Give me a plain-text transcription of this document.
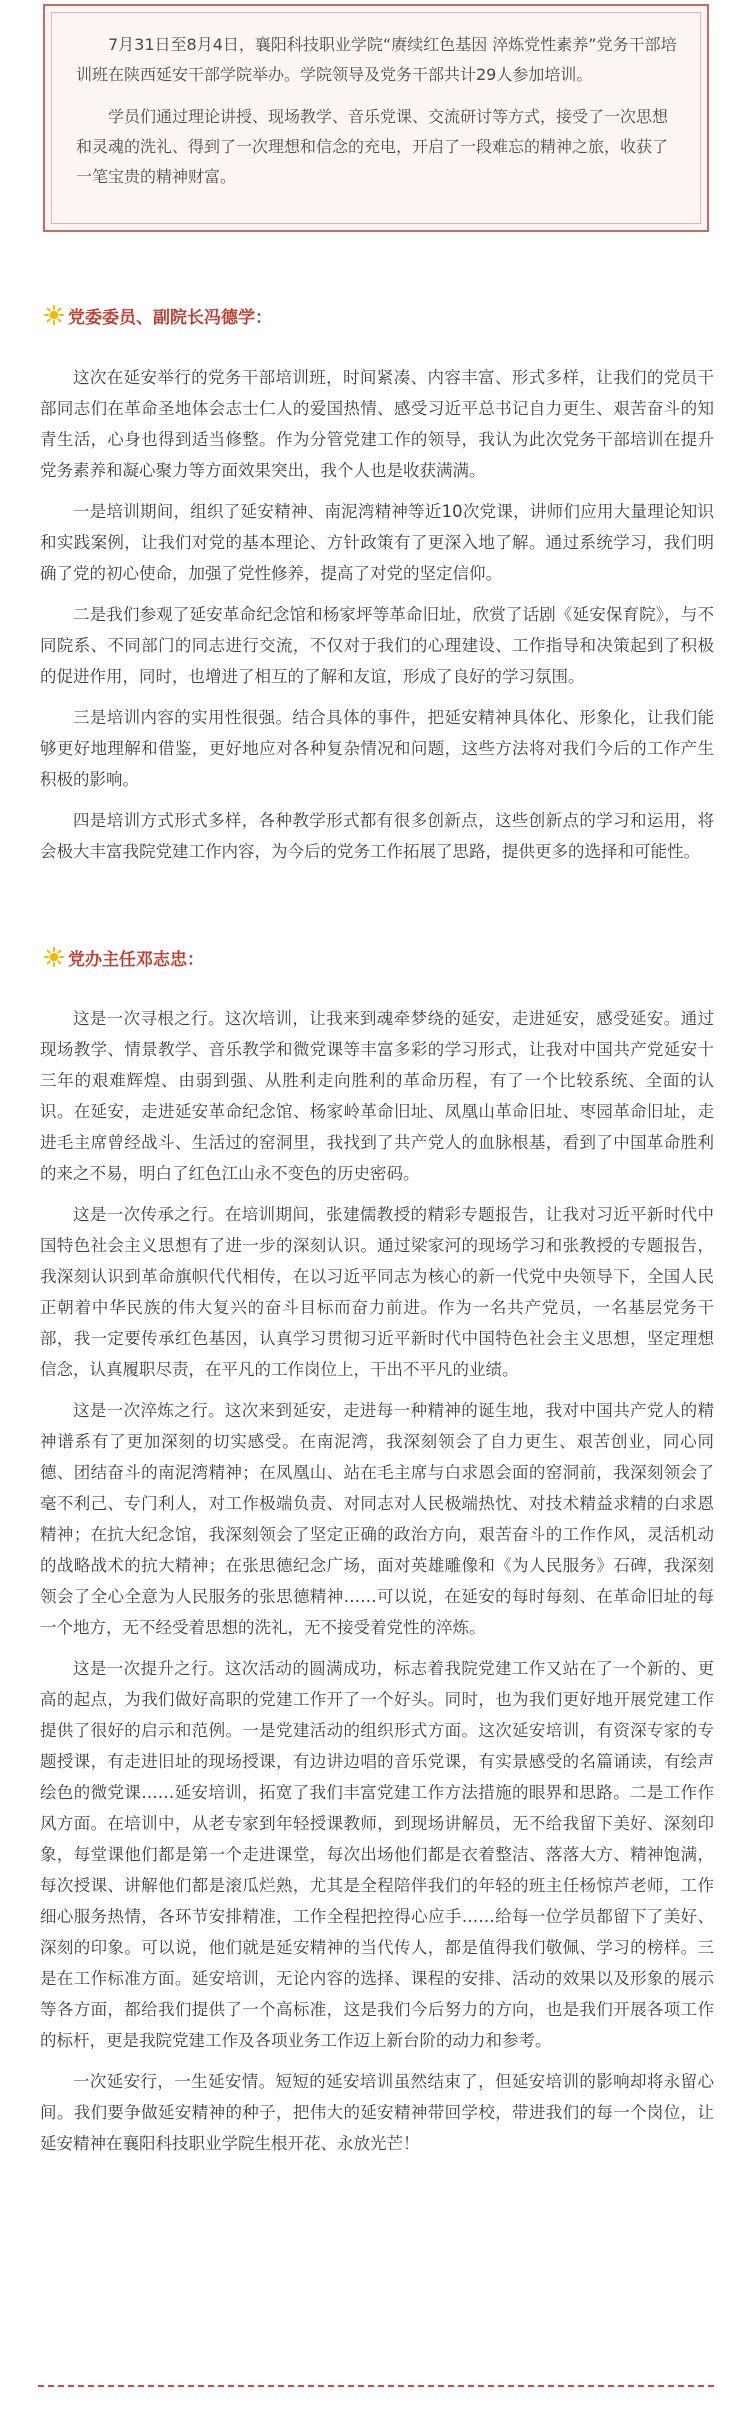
7月31日至8月4日，襄阳科技职业学院“赓续红色基因 淬炼党性素养”党务干部培训班在陕西延安干部学院举办。学院领导及党务干部共计29人参加培训。

学员们通过理论讲授、现场教学、音乐党课、交流研讨等方式，接受了一次思想和灵魂的洗礼、得到了一次理想和信念的充电，开启了一段难忘的精神之旅，收获了一笔宝贵的精神财富。

党委委员、副院长冯德学：

这次在延安举行的党务干部培训班，时间紧凑、内容丰富、形式多样，让我们的党员干部同志们在革命圣地体会志士仁人的爱国热情、感受习近平总书记自力更生、艰苦奋斗的知青生活，心身也得到适当修整。作为分管党建工作的领导，我认为此次党务干部培训在提升党务素养和凝心聚力等方面效果突出，我个人也是收获满满。

一是培训期间，组织了延安精神、南泥湾精神等近10次党课，讲师们应用大量理论知识和实践案例，让我们对党的基本理论、方针政策有了更深入地了解。通过系统学习，我们明确了党的初心使命，加强了党性修养，提高了对党的坚定信仰。

二是我们参观了延安革命纪念馆和杨家坪等革命旧址，欣赏了话剧《延安保育院》，与不同院系、不同部门的同志进行交流，不仅对于我们的心理建设、工作指导和决策起到了积极的促进作用，同时，也增进了相互的了解和友谊，形成了良好的学习氛围。

三是培训内容的实用性很强。结合具体的事件，把延安精神具体化、形象化，让我们能够更好地理解和借鉴，更好地应对各种复杂情况和问题，这些方法将对我们今后的工作产生积极的影响。

四是培训方式形式多样，各种教学形式都有很多创新点，这些创新点的学习和运用，将会极大丰富我院党建工作内容，为今后的党务工作拓展了思路，提供更多的选择和可能性。

党办主任邓志忠：

这是一次寻根之行。这次培训，让我来到魂牵梦绕的延安，走进延安，感受延安。通过现场教学、情景教学、音乐教学和微党课等丰富多彩的学习形式，让我对中国共产党延安十三年的艰难辉煌、由弱到强、从胜利走向胜利的革命历程，有了一个比较系统、全面的认识。在延安，走进延安革命纪念馆、杨家岭革命旧址、凤凰山革命旧址、枣园革命旧址，走进毛主席曾经战斗、生活过的窑洞里，我找到了共产党人的血脉根基，看到了中国革命胜利的来之不易，明白了红色江山永不变色的历史密码。

这是一次传承之行。在培训期间，张建儒教授的精彩专题报告，让我对习近平新时代中国特色社会主义思想有了进一步的深刻认识。通过梁家河的现场学习和张教授的专题报告，我深刻认识到革命旗帜代代相传，在以习近平同志为核心的新一代党中央领导下，全国人民正朝着中华民族的伟大复兴的奋斗目标而奋力前进。作为一名共产党员，一名基层党务干部，我一定要传承红色基因，认真学习贯彻习近平新时代中国特色社会主义思想，坚定理想信念，认真履职尽责，在平凡的工作岗位上，干出不平凡的业绩。

这是一次淬炼之行。这次来到延安，走进每一种精神的诞生地，我对中国共产党人的精神谱系有了更加深刻的切实感受。在南泥湾，我深刻领会了自力更生、艰苦创业，同心同德、团结奋斗的南泥湾精神；在凤凰山、站在毛主席与白求恩会面的窑洞前，我深刻领会了毫不利己、专门利人，对工作极端负责、对同志对人民极端热忱、对技术精益求精的白求恩精神；在抗大纪念馆，我深刻领会了坚定正确的政治方向，艰苦奋斗的工作作风，灵活机动的战略战术的抗大精神；在张思德纪念广场，面对英雄雕像和《为人民服务》石碑，我深刻领会了全心全意为人民服务的张思德精神……可以说，在延安的每时每刻、在革命旧址的每一个地方，无不经受着思想的洗礼，无不接受着党性的淬炼。

这是一次提升之行。这次活动的圆满成功，标志着我院党建工作又站在了一个新的、更高的起点，为我们做好高职的党建工作开了一个好头。同时，也为我们更好地开展党建工作提供了很好的启示和范例。一是党建活动的组织形式方面。这次延安培训，有资深专家的专题授课，有走进旧址的现场授课，有边讲边唱的音乐党课，有实景感受的名篇诵读，有绘声绘色的微党课……延安培训，拓宽了我们丰富党建工作方法措施的眼界和思路。二是工作作风方面。在培训中，从老专家到年轻授课教师，到现场讲解员，无不给我留下美好、深刻印象，每堂课他们都是第一个走进课堂，每次出场他们都是衣着整洁、落落大方、精神饱满，每次授课、讲解他们都是滚瓜烂熟，尤其是全程陪伴我们的年轻的班主任杨惊芦老师，工作细心服务热情，各环节安排精准，工作全程把控得心应手……给每一位学员都留下了美好、深刻的印象。可以说，他们就是延安精神的当代传人，都是值得我们敬佩、学习的榜样。三是在工作标准方面。延安培训，无论内容的选择、课程的安排、活动的效果以及形象的展示等各方面，都给我们提供了一个高标准，这是我们今后努力的方向，也是我们开展各项工作的标杆，更是我院党建工作及各项业务工作迈上新台阶的动力和参考。

一次延安行，一生延安情。短短的延安培训虽然结束了，但延安培训的影响却将永留心间。我们要争做延安精神的种子，把伟大的延安精神带回学校，带进我们的每一个岗位，让延安精神在襄阳科技职业学院生根开花、永放光芒！
